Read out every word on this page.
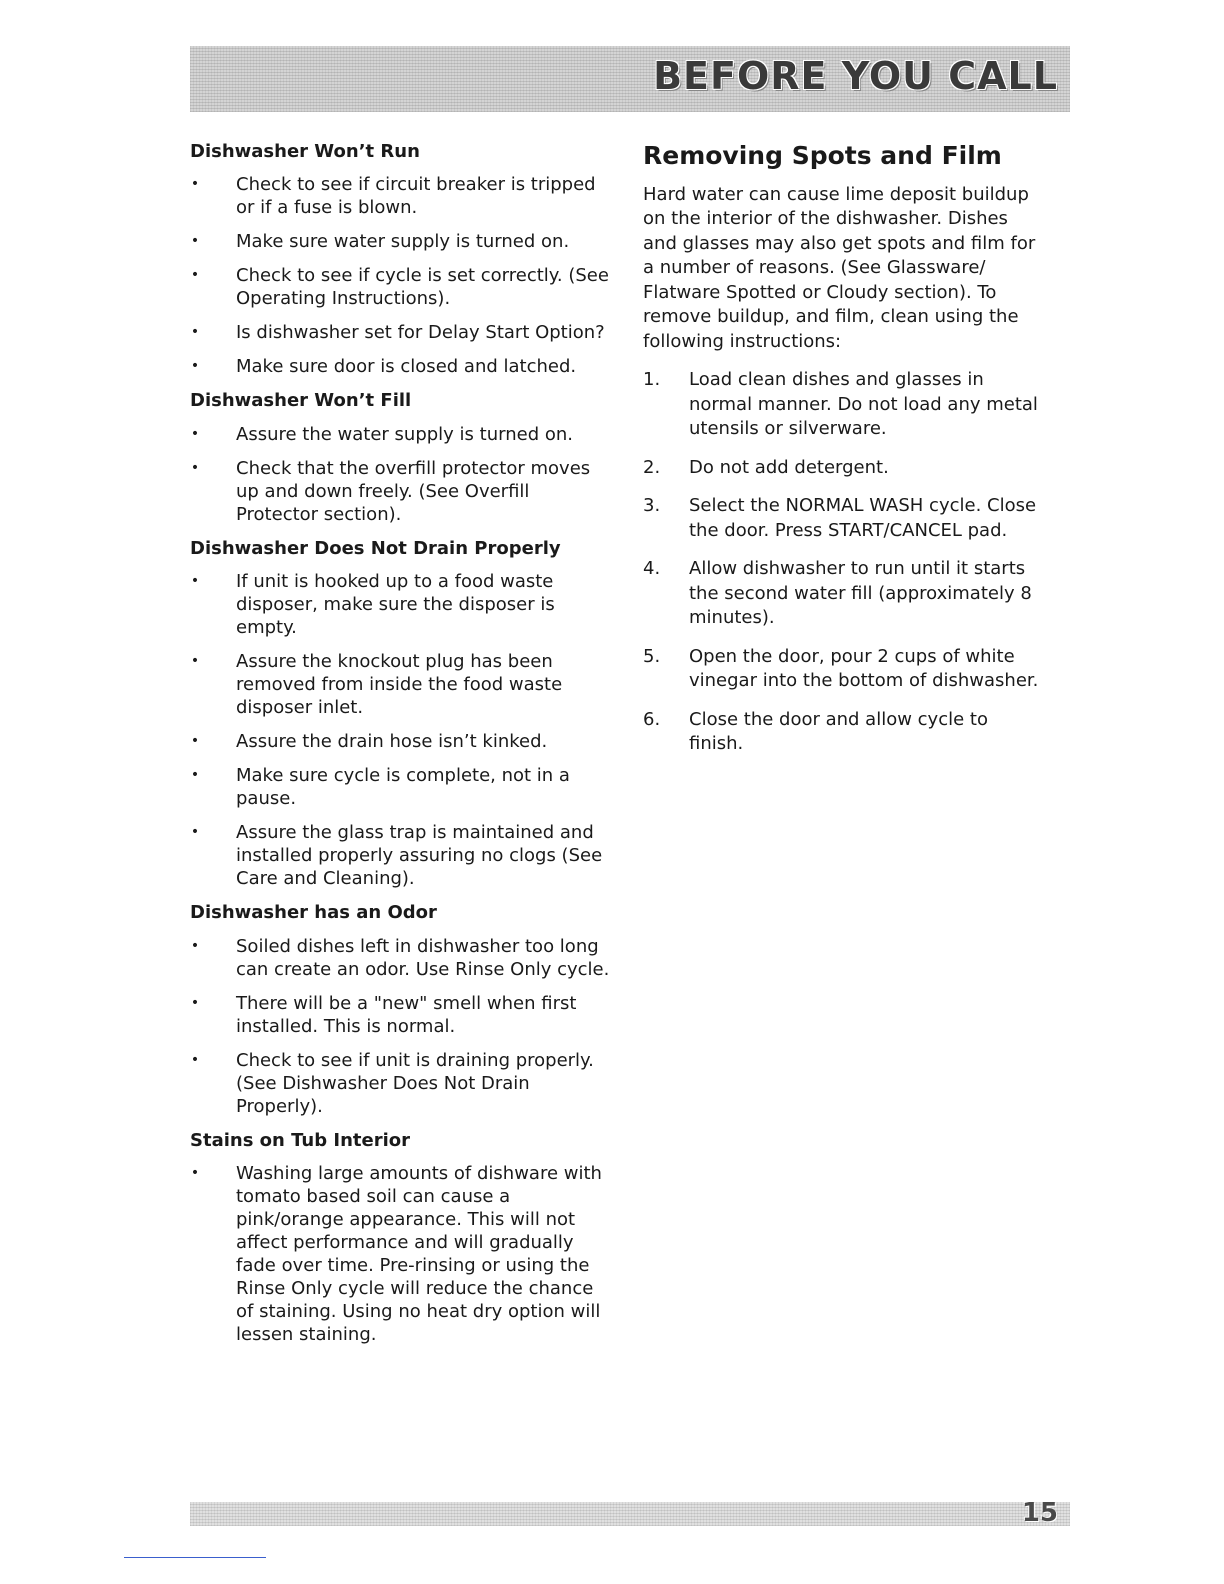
BEFORE YOU CALL
Dishwasher Won’t Run
• Check to see if circuit breaker is tripped or if a fuse is blown.
• Make sure water supply is turned on.
• Check to see if cycle is set correctly. (See Operating Instructions).
• Is dishwasher set for Delay Start Option?
• Make sure door is closed and latched.
Dishwasher Won’t Fill
• Assure the water supply is turned on.
• Check that the overfill protector moves up and down freely. (See Overfill Protector section).
Dishwasher Does Not Drain Properly
• If unit is hooked up to a food waste disposer, make sure the disposer is empty.
• Assure the knockout plug has been removed from inside the food waste disposer inlet.
• Assure the drain hose isn’t kinked.
• Make sure cycle is complete, not in a pause.
• Assure the glass trap is maintained and installed properly assuring no clogs (See Care and Cleaning).
Dishwasher has an Odor
• Soiled dishes left in dishwasher too long can create an odor. Use Rinse Only cycle.
• There will be a "new" smell when first installed. This is normal.
• Check to see if unit is draining properly. (See Dishwasher Does Not Drain Properly).
Stains on Tub Interior
• Washing large amounts of dishware with tomato based soil can cause a pink/orange appearance. This will not affect performance and will gradually fade over time. Pre-rinsing or using the Rinse Only cycle will reduce the chance of staining. Using no heat dry option will lessen staining.
Removing Spots and Film

Hard water can cause lime deposit buildup on the interior of the dishwasher. Dishes and glasses may also get spots and film for a number of reasons. (See Glassware/ Flatware Spotted or Cloudy section). To remove buildup, and film, clean using the following instructions:

1. Load clean dishes and glasses in normal manner. Do not load any metal utensils or silverware.
2. Do not add detergent.
3. Select the NORMAL WASH cycle. Close the door. Press START/CANCEL pad.
4. Allow dishwasher to run until it starts the second water fill (approximately 8 minutes).
5. Open the door, pour 2 cups of white vinegar into the bottom of dishwasher.
6. Close the door and allow cycle to finish.
15
